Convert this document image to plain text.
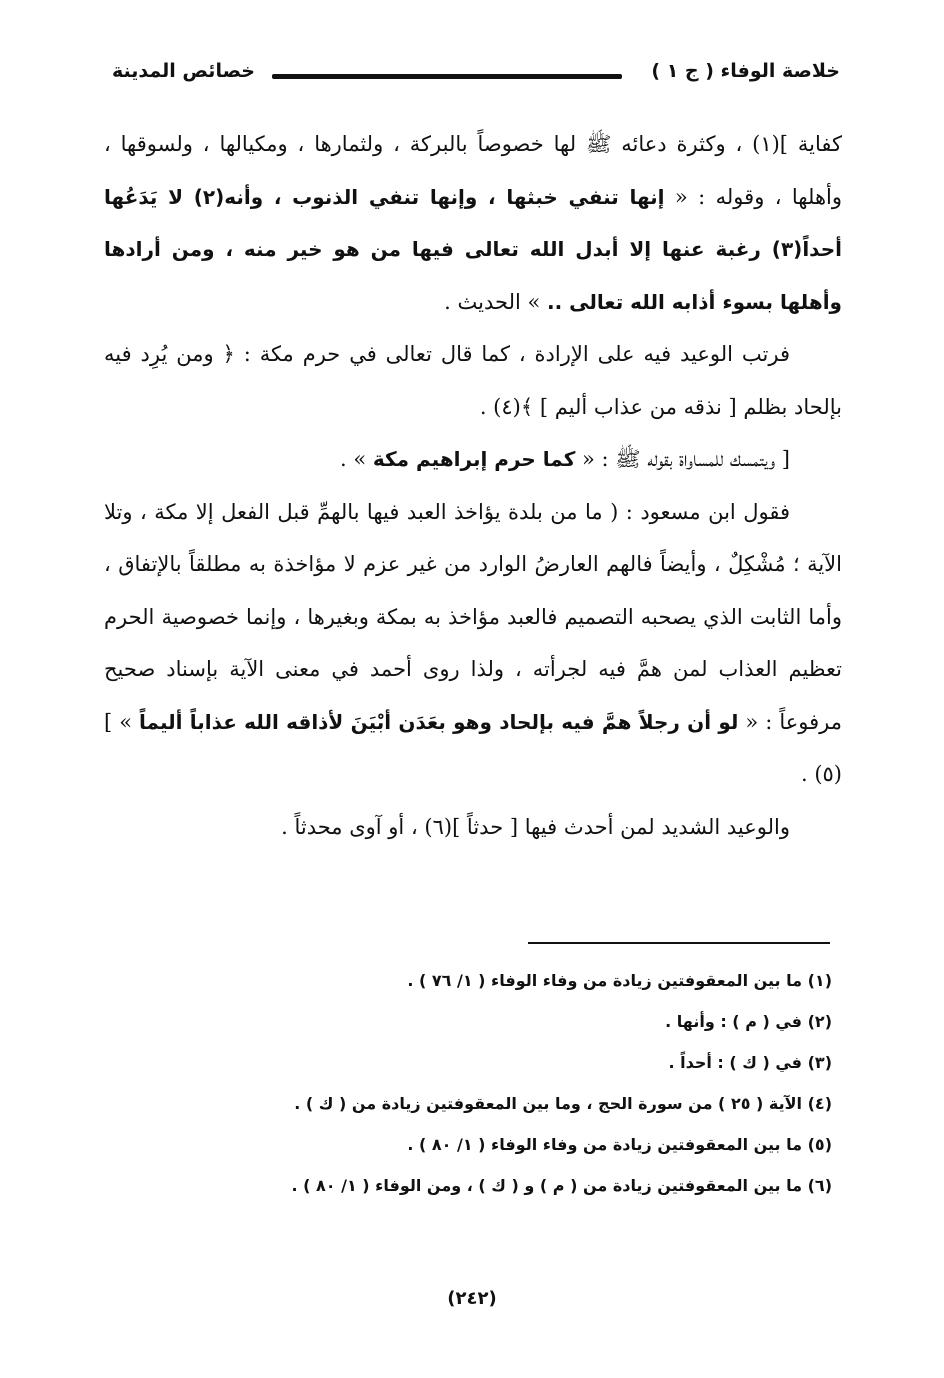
خلاصة الوفاء ( ج ١ )
خصائص المدينة

كفاية ](١) ، وكثرة دعائه ﷺ لها خصوصاً بالبركة ، ولثمارها ، ومكيالها ، ولسوقها ، وأهلها ، وقوله : « إنها تنفي خبثها ، وإنها تنفي الذنوب ، وأنه(٢) لا يَدَعُها أحداً(٣) رغبة عنها إلا أبدل الله تعالى فيها من هو خير منه ، ومن أرادها وأهلها بسوء أذابه الله تعالى .. » الحديث .

فرتب الوعيد فيه على الإرادة ، كما قال تعالى في حرم مكة : ﴿ ومن يُرِد فيه بإلحاد بظلم [ نذقه من عذاب أليم ] ﴾(٤) .

[ ويتمسك للمساواة بقوله ﷺ : « كما حرم إبراهيم مكة » .

فقول ابن مسعود : ( ما من بلدة يؤاخذ العبد فيها بالهمِّ قبل الفعل إلا مكة ، وتلا الآية ؛ مُشْكِلٌ ، وأيضاً فالهم العارضُ الوارد من غير عزم لا مؤاخذة به مطلقاً بالإتفاق ، وأما الثابت الذي يصحبه التصميم فالعبد مؤاخذ به بمكة وبغيرها ، وإنما خصوصية الحرم تعظيم العذاب لمن همَّ فيه لجرأته ، ولذا روى أحمد في معنى الآية بإسناد صحيح مرفوعاً : « لو أن رجلاً همَّ فيه بإلحاد وهو بعَدَن أبْيَنَ لأذاقه الله عذاباً أليماً » ](٥) .

والوعيد الشديد لمن أحدث فيها [ حدثاً ](٦) ، أو آوى محدثاً .

(١) ما بين المعقوفتين زيادة من وفاء الوفاء ( ١/ ٧٦ ) .
(٢) في ( م ) : وأنها .
(٣) في ( ك ) : أحداً .
(٤) الآية ( ٢٥ ) من سورة الحج ، وما بين المعقوفتين زيادة من ( ك ) .
(٥) ما بين المعقوفتين زيادة من وفاء الوفاء ( ١/ ٨٠ ) .
(٦) ما بين المعقوفتين زيادة من ( م ) و ( ك ) ، ومن الوفاء ( ١/ ٨٠ ) .
(٢٤٢)
